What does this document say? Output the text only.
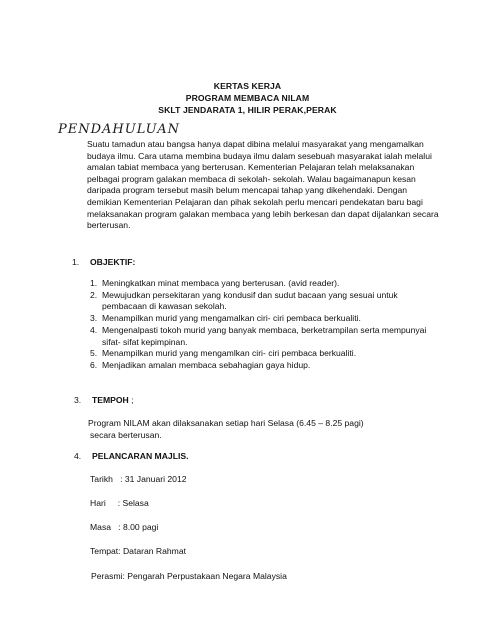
KERTAS KERJA
PROGRAM MEMBACA NILAM
SKLT JENDARATA 1, HILIR PERAK,PERAK
PENDAHULUAN
Suatu tamadun atau bangsa hanya dapat dibina melalui masyarakat yang mengamalkan budaya ilmu. Cara utama membina budaya ilmu dalam sesebuah masyarakat ialah melalui amalan tabiat membaca yang berterusan. Kementerian Pelajaran telah melaksanakan pelbagai program galakan membaca di sekolah- sekolah. Walau bagaimanapun kesan daripada program tersebut masih belum mencapai tahap yang dikehendaki. Dengan demikian Kementerian Pelajaran dan pihak sekolah perlu mencari pendekatan baru bagi melaksanakan program galakan membaca yang lebih berkesan dan dapat dijalankan secara berterusan.
1. OBJEKTIF:
1. Meningkatkan minat membaca yang berterusan. (avid reader).
2. Mewujudkan persekitaran yang kondusif dan sudut bacaan yang sesuai untuk pembacaan di kawasan sekolah.
3. Menampilkan murid yang mengamalkan ciri- ciri pembaca berkualiti.
4. Mengenalpasti tokoh murid yang banyak membaca, berketrampilan serta mempunyai sifat- sifat kepimpinan.
5. Menampilkan murid yang mengamlkan ciri- ciri pembaca berkualiti.
6. Menjadikan amalan membaca sebahagian gaya hidup.
3. TEMPOH ;
Program NILAM akan dilaksanakan setiap hari Selasa (6.45 – 8.25 pagi)
secara berterusan.
4. PELANCARAN MAJLIS.
Tarikh   : 31 Januari 2012
Hari     : Selasa
Masa   : 8.00 pagi
Tempat: Dataran Rahmat
Perasmi: Pengarah Perpustakaan Negara Malaysia
